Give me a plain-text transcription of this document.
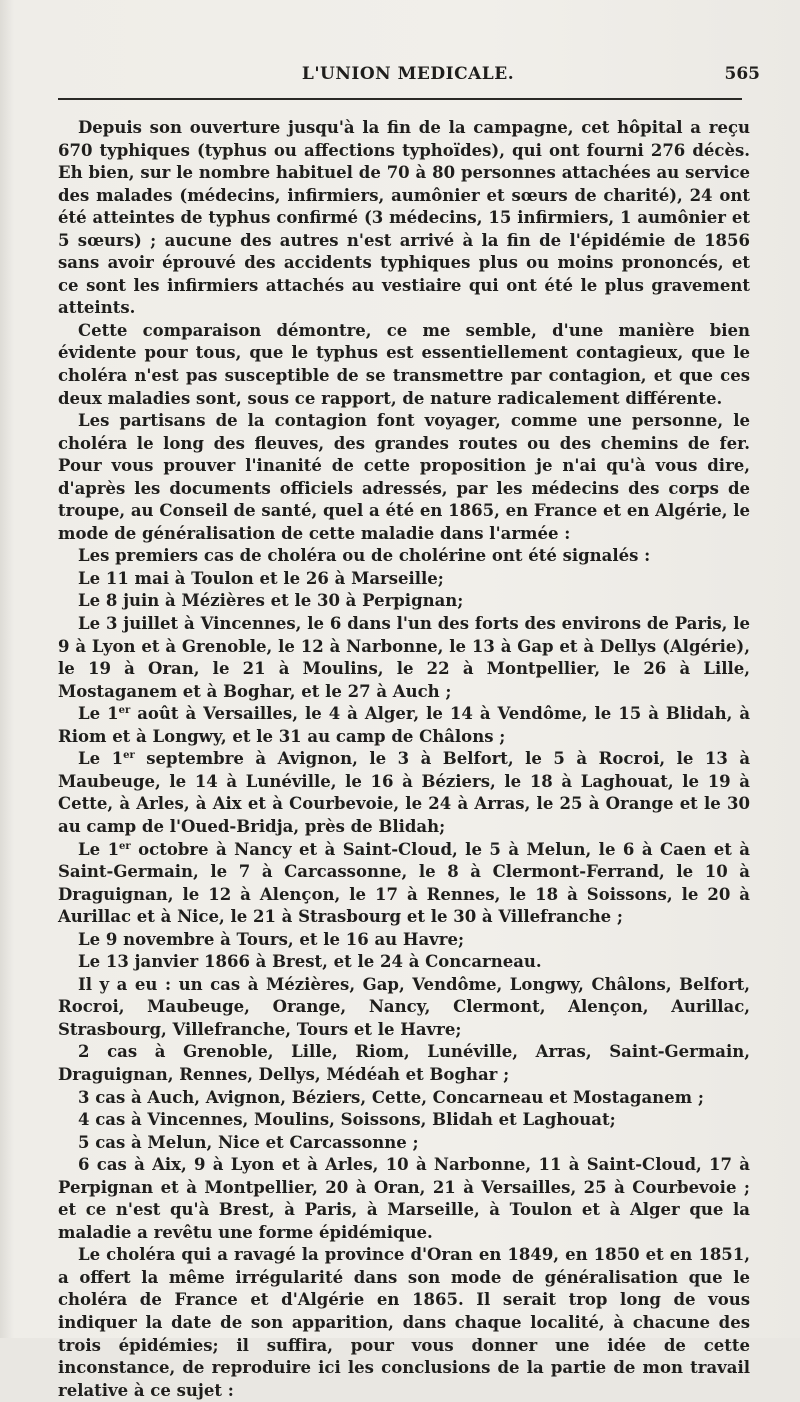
L'UNION MEDICALE.	565

Depuis son ouverture jusqu'à la fin de la campagne, cet hôpital a reçu 670 typhiques (typhus ou affections typhoïdes), qui ont fourni 276 décès. Eh bien, sur le nombre habituel de 70 à 80 personnes attachées au service des malades (médecins, infirmiers, aumônier et sœurs de charité), 24 ont été atteintes de typhus confirmé (3 médecins, 15 infirmiers, 1 aumônier et 5 sœurs) ; aucune des autres n'est arrivé à la fin de l'épidémie de 1856 sans avoir éprouvé des accidents typhiques plus ou moins prononcés, et ce sont les infirmiers attachés au vestiaire qui ont été le plus gravement atteints.

Cette comparaison démontre, ce me semble, d'une manière bien évidente pour tous, que le typhus est essentiellement contagieux, que le choléra n'est pas susceptible de se transmettre par contagion, et que ces deux maladies sont, sous ce rapport, de nature radicalement différente.

Les partisans de la contagion font voyager, comme une personne, le choléra le long des fleuves, des grandes routes ou des chemins de fer. Pour vous prouver l'inanité de cette proposition je n'ai qu'à vous dire, d'après les documents officiels adressés, par les médecins des corps de troupe, au Conseil de santé, quel a été en 1865, en France et en Algérie, le mode de généralisation de cette maladie dans l'armée :

Les premiers cas de choléra ou de cholérine ont été signalés :

Le 11 mai à Toulon et le 26 à Marseille;

Le 8 juin à Mézières et le 30 à Perpignan;

Le 3 juillet à Vincennes, le 6 dans l'un des forts des environs de Paris, le 9 à Lyon et à Grenoble, le 12 à Narbonne, le 13 à Gap et à Dellys (Algérie), le 19 à Oran, le 21 à Moulins, le 22 à Montpellier, le 26 à Lille, Mostaganem et à Boghar, et le 27 à Auch ;

Le 1er août à Versailles, le 4 à Alger, le 14 à Vendôme, le 15 à Blidah, à Riom et à Longwy, et le 31 au camp de Châlons ;

Le 1er septembre à Avignon, le 3 à Belfort, le 5 à Rocroi, le 13 à Maubeuge, le 14 à Lunéville, le 16 à Béziers, le 18 à Laghouat, le 19 à Cette, à Arles, à Aix et à Courbevoie, le 24 à Arras, le 25 à Orange et le 30 au camp de l'Oued-Bridja, près de Blidah;

Le 1er octobre à Nancy et à Saint-Cloud, le 5 à Melun, le 6 à Caen et à Saint-Germain, le 7 à Carcassonne, le 8 à Clermont-Ferrand, le 10 à Draguignan, le 12 à Alençon, le 17 à Rennes, le 18 à Soissons, le 20 à Aurillac et à Nice, le 21 à Strasbourg et le 30 à Villefranche ;

Le 9 novembre à Tours, et le 16 au Havre;

Le 13 janvier 1866 à Brest, et le 24 à Concarneau.

Il y a eu : un cas à Mézières, Gap, Vendôme, Longwy, Châlons, Belfort, Rocroi, Maubeuge, Orange, Nancy, Clermont, Alençon, Aurillac, Strasbourg, Villefranche, Tours et le Havre;

2 cas à Grenoble, Lille, Riom, Lunéville, Arras, Saint-Germain, Draguignan, Rennes, Dellys, Médéah et Boghar ;

3 cas à Auch, Avignon, Béziers, Cette, Concarneau et Mostaganem ;

4 cas à Vincennes, Moulins, Soissons, Blidah et Laghouat;

5 cas à Melun, Nice et Carcassonne ;

6 cas à Aix, 9 à Lyon et à Arles, 10 à Narbonne, 11 à Saint-Cloud, 17 à Perpignan et à Montpellier, 20 à Oran, 21 à Versailles, 25 à Courbevoie ; et ce n'est qu'à Brest, à Paris, à Marseille, à Toulon et à Alger que la maladie a revêtu une forme épidémique.

Le choléra qui a ravagé la province d'Oran en 1849, en 1850 et en 1851, a offert la même irrégularité dans son mode de généralisation que le choléra de France et d'Algérie en 1865. Il serait trop long de vous indiquer la date de son apparition, dans chaque localité, à chacune des trois épidémies; il suffira, pour vous donner une idée de cette inconstance, de reproduire ici les conclusions de la partie de mon travail relative à ce sujet :
